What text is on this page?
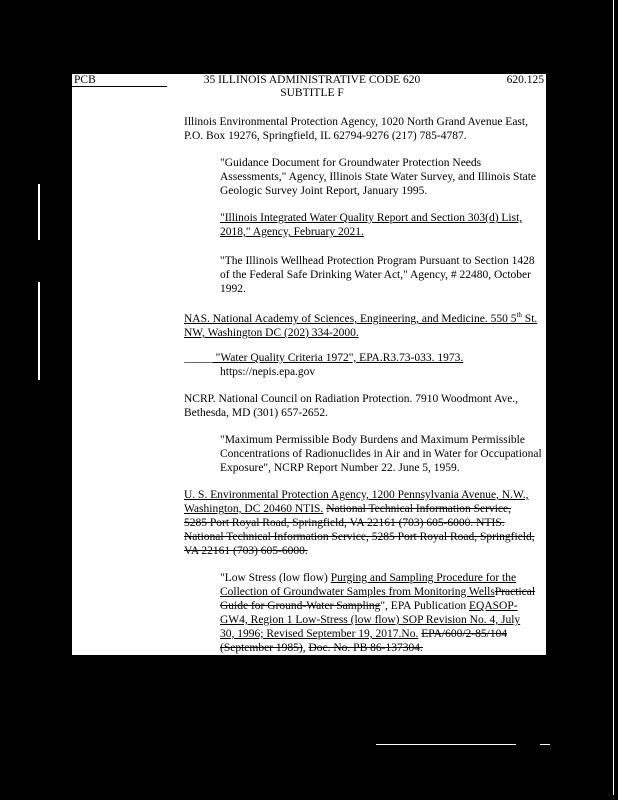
PCB	35 ILLINOIS ADMINISTRATIVE CODE 620
SUBTITLE F
620.125
Illinois Environmental Protection Agency, 1020 North Grand Avenue East, P.O. Box 19276, Springfield, IL 62794-9276 (217) 785-4787.
"Guidance Document for Groundwater Protection Needs Assessments," Agency, Illinois State Water Survey, and Illinois State Geologic Survey Joint Report, January 1995.
"Illinois Integrated Water Quality Report and Section 303(d) List, 2018," Agency, February 2021.
"The Illinois Wellhead Protection Program Pursuant to Section 1428 of the Federal Safe Drinking Water Act," Agency, # 22480, October 1992.
NAS. National Academy of Sciences, Engineering, and Medicine. 550 5th St. NW, Washington DC (202) 334-2000.
_____ "Water Quality Criteria 1972", EPA.R3.73-033. 1973.
https://nepis.epa.gov
NCRP. National Council on Radiation Protection. 7910 Woodmont Ave., Bethesda, MD (301) 657-2652.
"Maximum Permissible Body Burdens and Maximum Permissible Concentrations of Radionuclides in Air and in Water for Occupational Exposure", NCRP Report Number 22. June 5, 1959.
U. S. Environmental Protection Agency, 1200 Pennsylvania Avenue, N.W., Washington, DC 20460 NTIS. National Technical Information Service, 5285 Port Royal Road, Springfield, VA 22161 (703) 605-6000. NTIS. National Technical Information Service, 5285 Port Royal Road, Springfield, VA 22161 (703) 605-6000.
"Low Stress (low flow) Purging and Sampling Procedure for the Collection of Groundwater Samples from Monitoring WellsPractical Guide for Ground-Water Sampling", EPA Publication EQASOP-GW4, Region 1 Low-Stress (low flow) SOP Revision No. 4, July 30, 1996; Revised September 19, 2017.No. EPA/600/2-85/104 (September 1985), Doc. No. PB 86-137304.
